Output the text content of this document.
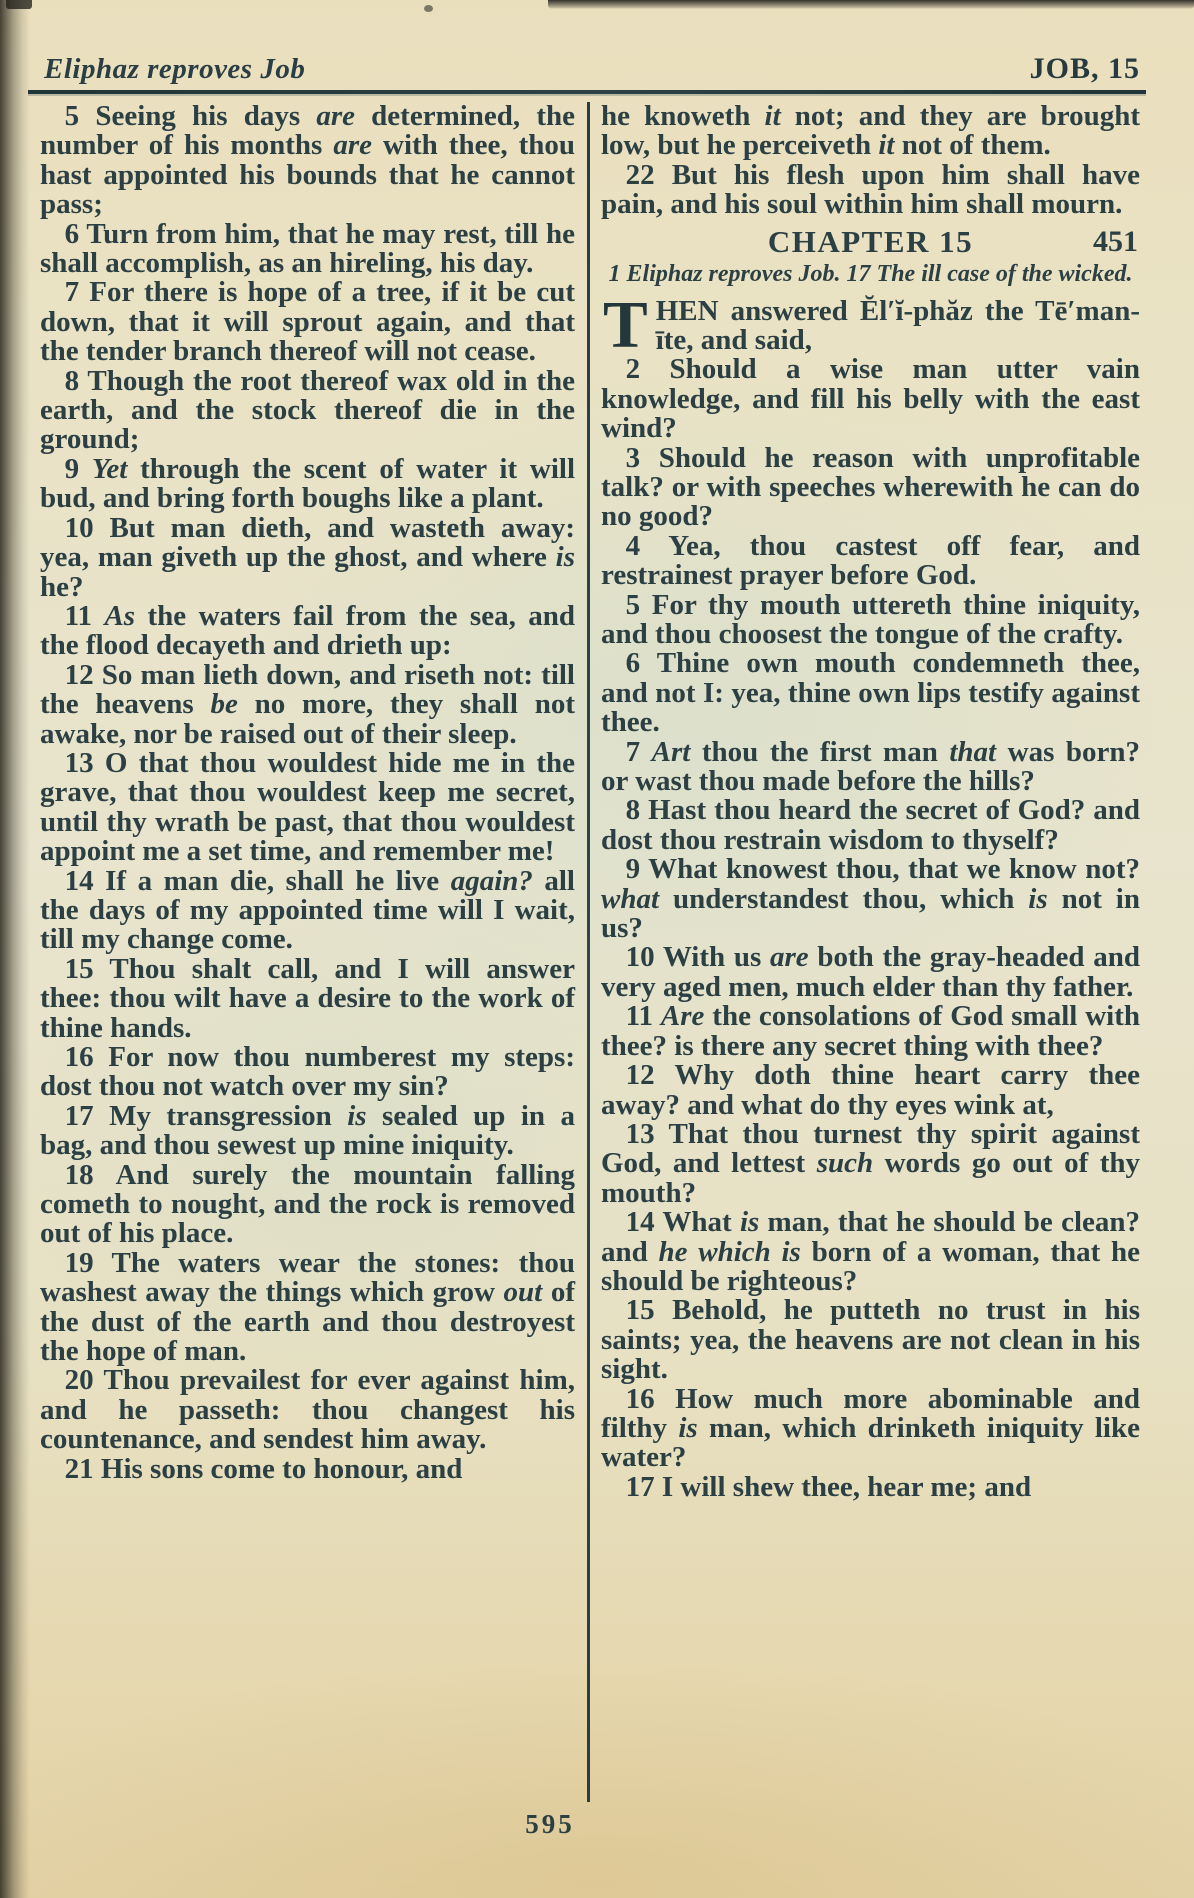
Eliphaz reproves Job	JOB, 15

5 Seeing his days are determined, the number of his months are with thee, thou hast appointed his bounds that he cannot pass;

6 Turn from him, that he may rest, till he shall accomplish, as an hireling, his day.

7 For there is hope of a tree, if it be cut down, that it will sprout again, and that the tender branch thereof will not cease.

8 Though the root thereof wax old in the earth, and the stock thereof die in the ground;

9 Yet through the scent of water it will bud, and bring forth boughs like a plant.

10 But man dieth, and wasteth away: yea, man giveth up the ghost, and where is he?

11 As the waters fail from the sea, and the flood decayeth and drieth up:

12 So man lieth down, and riseth not: till the heavens be no more, they shall not awake, nor be raised out of their sleep.

13 O that thou wouldest hide me in the grave, that thou wouldest keep me secret, until thy wrath be past, that thou wouldest appoint me a set time, and remember me!

14 If a man die, shall he live again? all the days of my appointed time will I wait, till my change come.

15 Thou shalt call, and I will answer thee: thou wilt have a desire to the work of thine hands.

16 For now thou numberest my steps: dost thou not watch over my sin?

17 My transgression is sealed up in a bag, and thou sewest up mine iniquity.

18 And surely the mountain falling cometh to nought, and the rock is removed out of his place.

19 The waters wear the stones: thou washest away the things which grow out of the dust of the earth and thou destroyest the hope of man.

20 Thou prevailest for ever against him, and he passeth: thou changest his countenance, and sendest him away.

21 His sons come to honour, and

he knoweth it not; and they are brought low, but he perceiveth it not of them.

22 But his flesh upon him shall have pain, and his soul within him shall mourn.

CHAPTER 15	451
1 Eliphaz reproves Job. 17 The ill case of the wicked.

THEN answered Ĕl′ĭ-phăz the Tē′man-īte, and said,

2 Should a wise man utter vain knowledge, and fill his belly with the east wind?

3 Should he reason with unprofitable talk? or with speeches wherewith he can do no good?

4 Yea, thou castest off fear, and restrainest prayer before God.

5 For thy mouth uttereth thine iniquity, and thou choosest the tongue of the crafty.

6 Thine own mouth condemneth thee, and not I: yea, thine own lips testify against thee.

7 Art thou the first man that was born? or wast thou made before the hills?

8 Hast thou heard the secret of God? and dost thou restrain wisdom to thyself?

9 What knowest thou, that we know not? what understandest thou, which is not in us?

10 With us are both the gray-headed and very aged men, much elder than thy father.

11 Are the consolations of God small with thee? is there any secret thing with thee?

12 Why doth thine heart carry thee away? and what do thy eyes wink at,

13 That thou turnest thy spirit against God, and lettest such words go out of thy mouth?

14 What is man, that he should be clean? and he which is born of a woman, that he should be righteous?

15 Behold, he putteth no trust in his saints; yea, the heavens are not clean in his sight.

16 How much more abominable and filthy is man, which drinketh iniquity like water?

17 I will shew thee, hear me; and

595
